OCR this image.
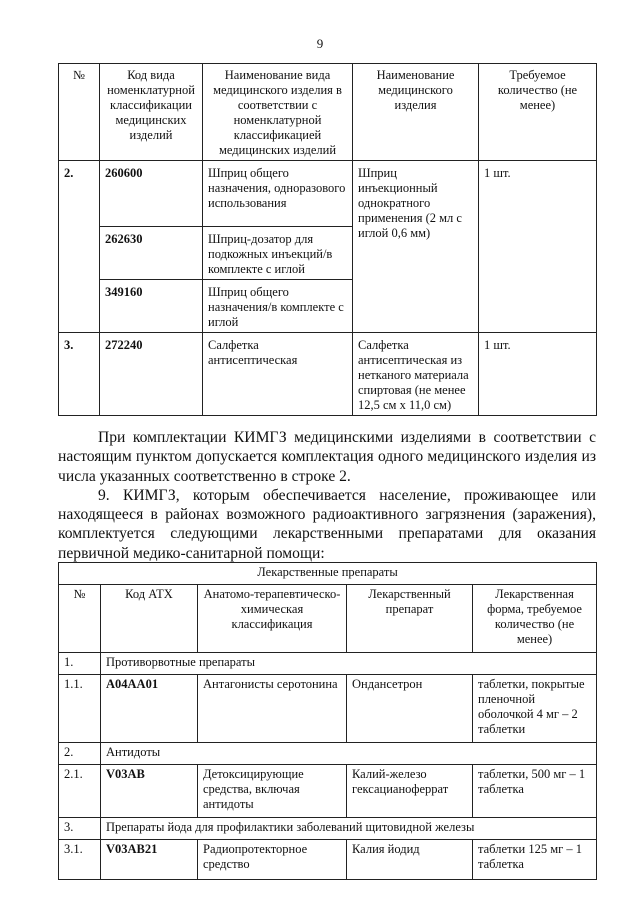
9
№	Код вида номенклатурной классификации медицинских изделий	Наименование вида медицинского изделия в соответствии с номенклатурной классификацией медицинских изделий	Наименование медицинского изделия	Требуемое количество (не менее)
2.	260600	Шприц общего назначения, одноразового использования	Шприц инъекционный однократного применения (2 мл с иглой 0,6 мм)	1 шт.
	262630	Шприц-дозатор для подкожных инъекций/в комплекте с иглой		
	349160	Шприц общего назначения/в комплекте с иглой		
3.	272240	Салфетка антисептическая	Салфетка антисептическая из нетканого материала спиртовая (не менее 12,5 см х 11,0 см)	1 шт.

При комплектации КИМГЗ медицинскими изделиями в соответствии с настоящим пунктом допускается комплектация одного медицинского изделия из числа указанных соответственно в строке 2.

9. КИМГЗ, которым обеспечивается население, проживающее или находящееся в районах возможного радиоактивного загрязнения (заражения), комплектуется следующими лекарственными препаратами для оказания первичной медико-санитарной помощи:

Лекарственные препараты				
№	Код АТХ	Анатомо-терапевтическо-химическая классификация	Лекарственный препарат	Лекарственная форма, требуемое количество (не менее)
1.	Противорвотные препараты			
1.1.	A04AA01	Антагонисты серотонина	Ондансетрон	таблетки, покрытые пленочной оболочкой 4 мг – 2 таблетки
2.	Антидоты			
2.1.	V03AB	Детоксицирующие средства, включая антидоты	Калий-железо гексацианоферрат	таблетки, 500 мг – 1 таблетка
3.	Препараты йода для профилактики заболеваний щитовидной железы			
3.1.	V03AB21	Радиопротекторное средство	Калия йодид	таблетки 125 мг – 1 таблетка
